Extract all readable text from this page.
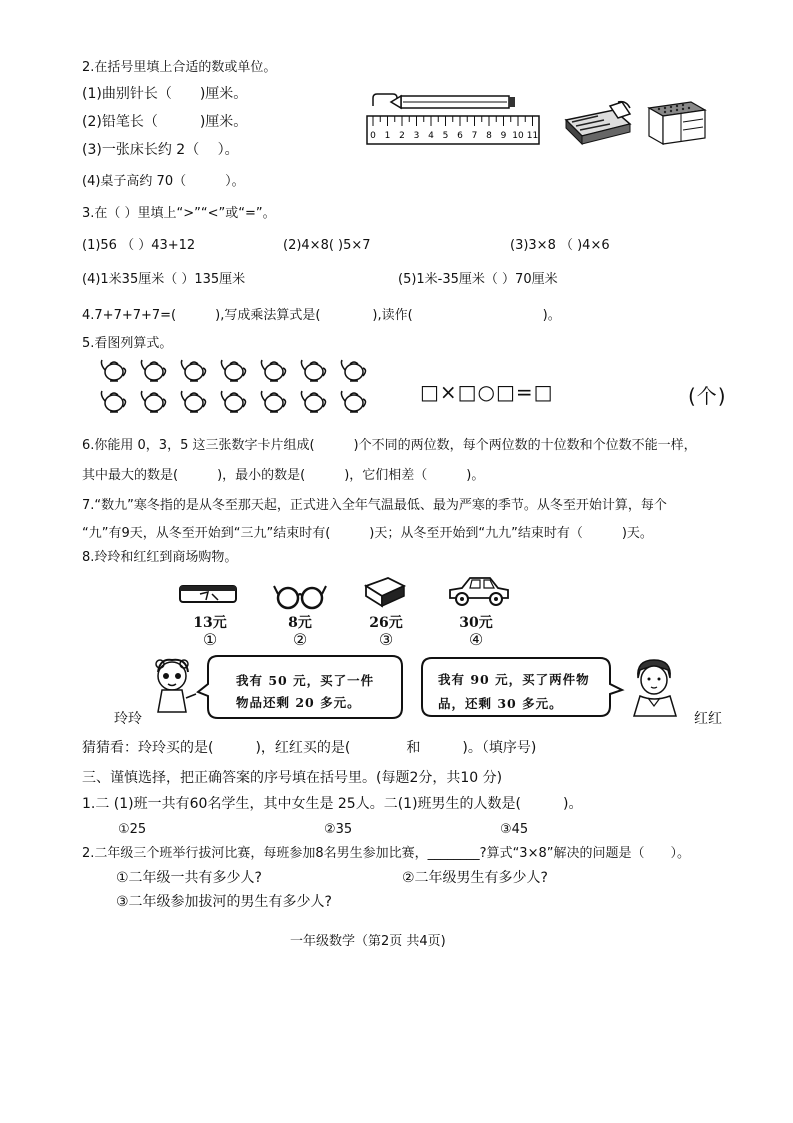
2.在括号里填上合适的数或单位。
(1)曲别针长（　　)厘米。
(2)铅笔长（　　　)厘米。
(3)一张床长约 2（　 ）。
(4)桌子高约 70（　　　）。
0 1 2 3 4 5 6 7 8 9 10 11
3.在（ ）里填上“>”“<”或“=”。
(1)56 （ ）43+12	(2)4×8( )5×7	(3)3×8 （ )4×6
(4)1米35厘米（ ）135厘米	(5)1米-35厘米（ ）70厘米
4.7+7+7+7=(　　　),写成乘法算式是(　　　　),读作(　　　　　　　　　　)。
5.看图列算式。
□×□○□=□	(个)
6.你能用 0，3，5 这三张数字卡片组成(　　　)个不同的两位数，每个两位数的十位数和个位数不能一样，
其中最大的数是(　　　)，最小的数是(　　　)，它们相差（　　　)。
7.“数九”寒冬指的是从冬至那天起，正式进入全年气温最低、最为严寒的季节。从冬至开始计算，每个
“九”有9天，从冬至开始到“三九”结束时有(　　　)天；从冬至开始到“九九”结束时有（　　　)天。
8.玲玲和红红到商场购物。
13元	8元	26元	30元
①	②	③	④
我有 50 元，买了一件
物品还剩 20 多元。
玲玲
我有 90 元，买了两件物
品，还剩 30 多元。
红红
猜猜看：玲玲买的是(　　　)，红红买的是(　　　　和　　　)。（填序号)
三、谨慎选择，把正确答案的序号填在括号里。(每题2分，共10 分)
1.二 (1)班一共有60名学生，其中女生是 25人。二(1)班男生的人数是(　　　)。
①25	②35	③45
2.二年级三个班举行拔河比赛，每班参加8名男生参加比赛，________?算式“3×8”解决的问题是（　　）。
①二年级一共有多少人?	②二年级男生有多少人?
③二年级参加拔河的男生有多少人?
一年级数学（第2页 共4页)
